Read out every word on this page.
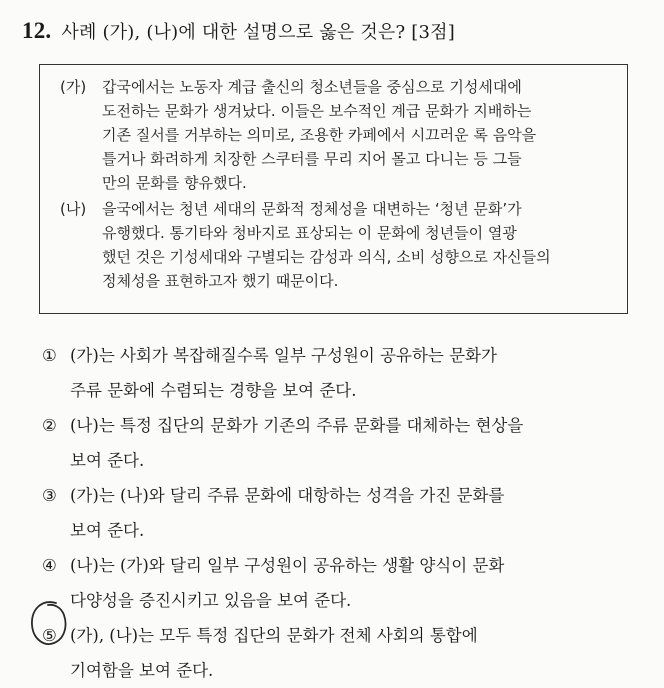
12. 사례 (가), (나)에 대한 설명으로 옳은 것은? [3점]
(가)	갑국에서는 노동자 계급 출신의 청소년들을 중심으로 기성세대에
도전하는 문화가 생겨났다. 이들은 보수적인 계급 문화가 지배하는
기존 질서를 거부하는 의미로, 조용한 카페에서 시끄러운 록 음악을
틀거나 화려하게 치장한 스쿠터를 무리 지어 몰고 다니는 등 그들
만의 문화를 향유했다.
(나)	을국에서는 청년 세대의 문화적 정체성을 대변하는 ‘청년 문화’가
유행했다. 통기타와 청바지로 표상되는 이 문화에 청년들이 열광
했던 것은 기성세대와 구별되는 감성과 의식, 소비 성향으로 자신들의
정체성을 표현하고자 했기 때문이다.
① (가)는 사회가 복잡해질수록 일부 구성원이 공유하는 문화가
주류 문화에 수렴되는 경향을 보여 준다.
② (나)는 특정 집단의 문화가 기존의 주류 문화를 대체하는 현상을
보여 준다.
③ (가)는 (나)와 달리 주류 문화에 대항하는 성격을 가진 문화를
보여 준다.
④ (나)는 (가)와 달리 일부 구성원이 공유하는 생활 양식이 문화
다양성을 증진시키고 있음을 보여 준다.
⑤ (가), (나)는 모두 특정 집단의 문화가 전체 사회의 통합에
기여함을 보여 준다.
